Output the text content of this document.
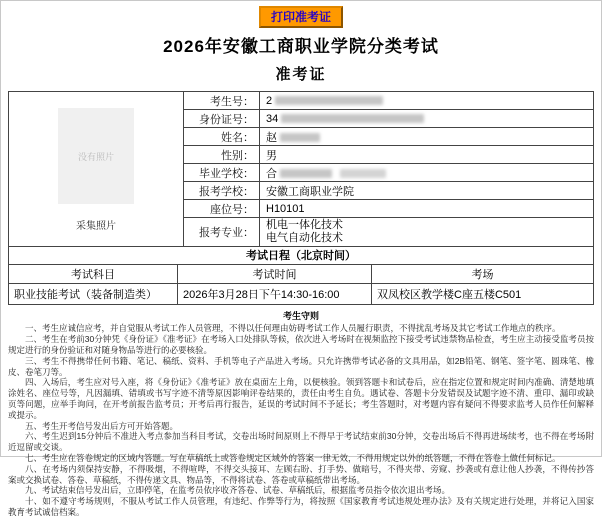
打印准考证
2026年安徽工商职业学院分类考试
准考证
没有照片
采集照片	考生号：	2
	身份证号：	34
	姓名：	赵
	性别：	男
	毕业学校：	合
	报考学校：	安徽工商职业学院
	座位号：	H10101
	报考专业：	机电一体化技术
电气自动化技术
考试日程（北京时间）
考试科目	考试时间	考场
职业技能考试（装备制造类）	2026年3月28日下午14:30-16:00	双凤校区教学楼C座五楼C501
考生守则

一、考生应诚信应考，并自觉服从考试工作人员管理，不得以任何理由妨碍考试工作人员履行职责，不得扰乱考场及其它考试工作地点的秩序。

二、考生在考前30分钟凭《身份证》《准考证》在考场入口处排队等候，依次进入考场时在视频监控下接受考试违禁物品检查，考生应主动接受监考员按规定进行的身份验证和对随身物品等进行的必要核验。

三、考生不得携带任何书籍、笔记、稿纸、资料、手机等电子产品进入考场。只允许携带考试必备的文具用品，如2B铅笔、钢笔、签字笔、圆珠笔、橡皮、卷笔刀等。

四、入场后，考生应对号入座，将《身份证》《准考证》放在桌面左上角，以便核验。领到答题卡和试卷后，应在指定位置和规定时间内准确、清楚地填涂姓名、座位号等，凡因漏填、错填或书写字迹不清等原因影响评卷结果的，责任由考生自负。遇试卷、答题卡分发错误及试题字迹不清、重印、漏印或缺页等问题，应举手询问，在开考前报告监考员；开考后再行报告，延误的考试时间不予延长；考生答题时，对考题内容有疑问不得要求监考人员作任何解释或提示。

五、考生开考信号发出后方可开始答题。

六、考生迟到15分钟后不准进入考点参加当科目考试，交卷出场时间原则上不得早于考试结束前30分钟，交卷出场后不得再进场续考，也不得在考场附近逗留或交谈。

七、考生应在答卷规定的区域内答题。写在草稿纸上或答卷规定区域外的答案一律无效，不得用规定以外的纸答题，不得在答卷上做任何标记。

八、在考场内须保持安静，不得吸烟，不得喧哗，不得交头接耳、左顾右盼、打手势、做暗号，不得夹带、旁窥、抄袭或有意让他人抄袭，不得传抄答案或交换试卷、答卷、草稿纸，不得传递文具、物品等，不得将试卷、答卷或草稿纸带出考场。

九、考试结束信号发出后，立即停笔，在监考员依序收齐答卷、试卷、草稿纸后，根据监考员指令依次退出考场。

十、如不遵守考场规则，不服从考试工作人员管理，有违纪、作弊等行为，将按照《国家教育考试违规处理办法》及有关规定进行处理，并将记入国家教育考试诚信档案。
